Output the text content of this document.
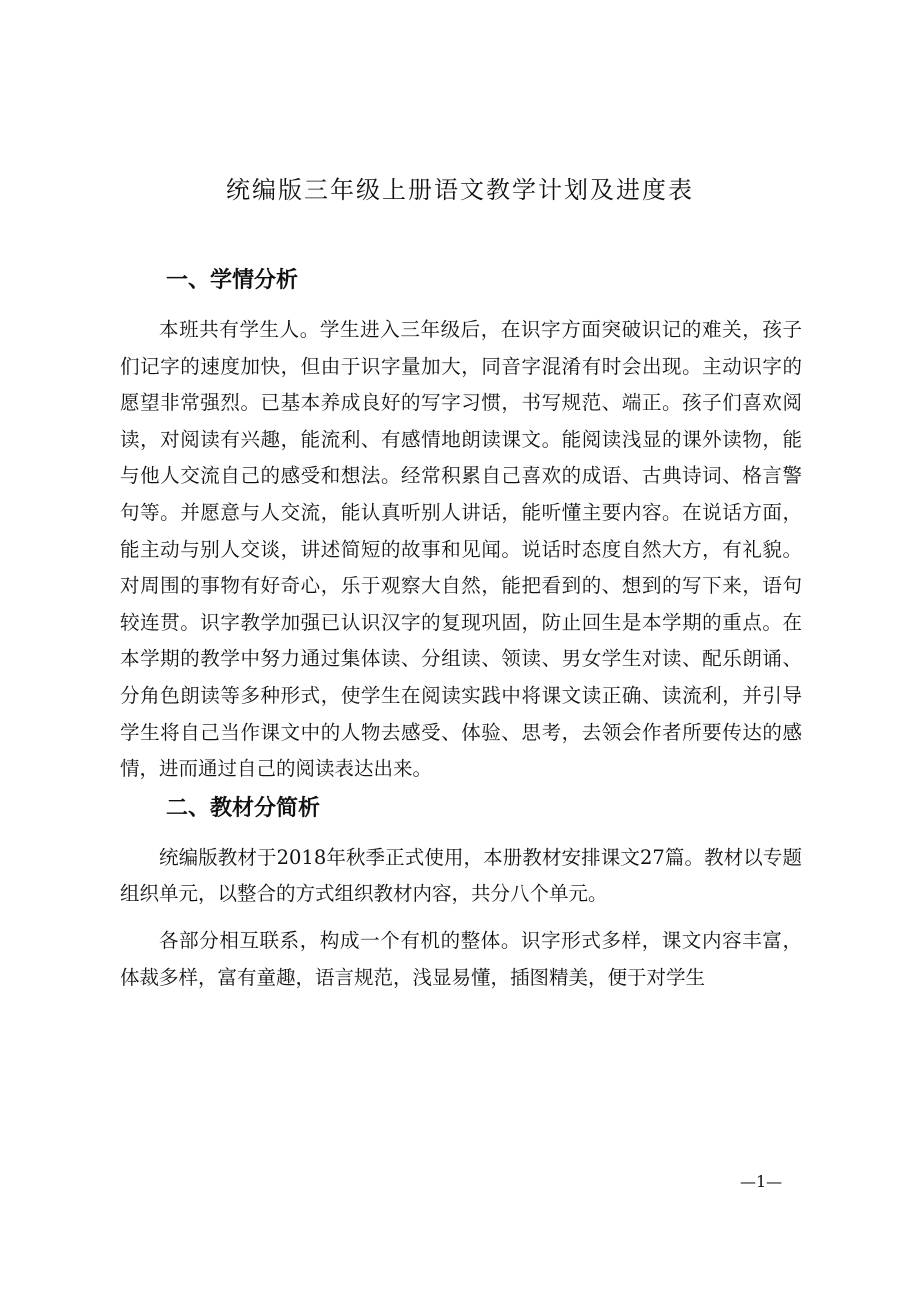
统编版三年级上册语文教学计划及进度表
一、学情分析

本班共有学生人。学生进入三年级后，在识字方面突破识记的难关，孩子们记字的速度加快，但由于识字量加大，同音字混淆有时会出现。主动识字的愿望非常强烈。已基本养成良好的写字习惯，书写规范、端正。孩子们喜欢阅读，对阅读有兴趣，能流利、有感情地朗读课文。能阅读浅显的课外读物，能与他人交流自己的感受和想法。经常积累自己喜欢的成语、古典诗词、格言警句等。并愿意与人交流，能认真听别人讲话，能听懂主要内容。在说话方面，能主动与别人交谈，讲述简短的故事和见闻。说话时态度自然大方，有礼貌。对周围的事物有好奇心，乐于观察大自然，能把看到的、想到的写下来，语句较连贯。识字教学加强已认识汉字的复现巩固，防止回生是本学期的重点。在本学期的教学中努力通过集体读、分组读、领读、男女学生对读、配乐朗诵、分角色朗读等多种形式，使学生在阅读实践中将课文读正确、读流利，并引导学生将自己当作课文中的人物去感受、体验、思考，去领会作者所要传达的感情，进而通过自己的阅读表达出来。

二、教材分简析

统编版教材于2018年秋季正式使用，本册教材安排课文27篇。教材以专题组织单元，以整合的方式组织教材内容，共分八个单元。

各部分相互联系，构成一个有机的整体。识字形式多样，课文内容丰富，体裁多样，富有童趣，语言规范，浅显易懂，插图精美，便于对学生

—1—
